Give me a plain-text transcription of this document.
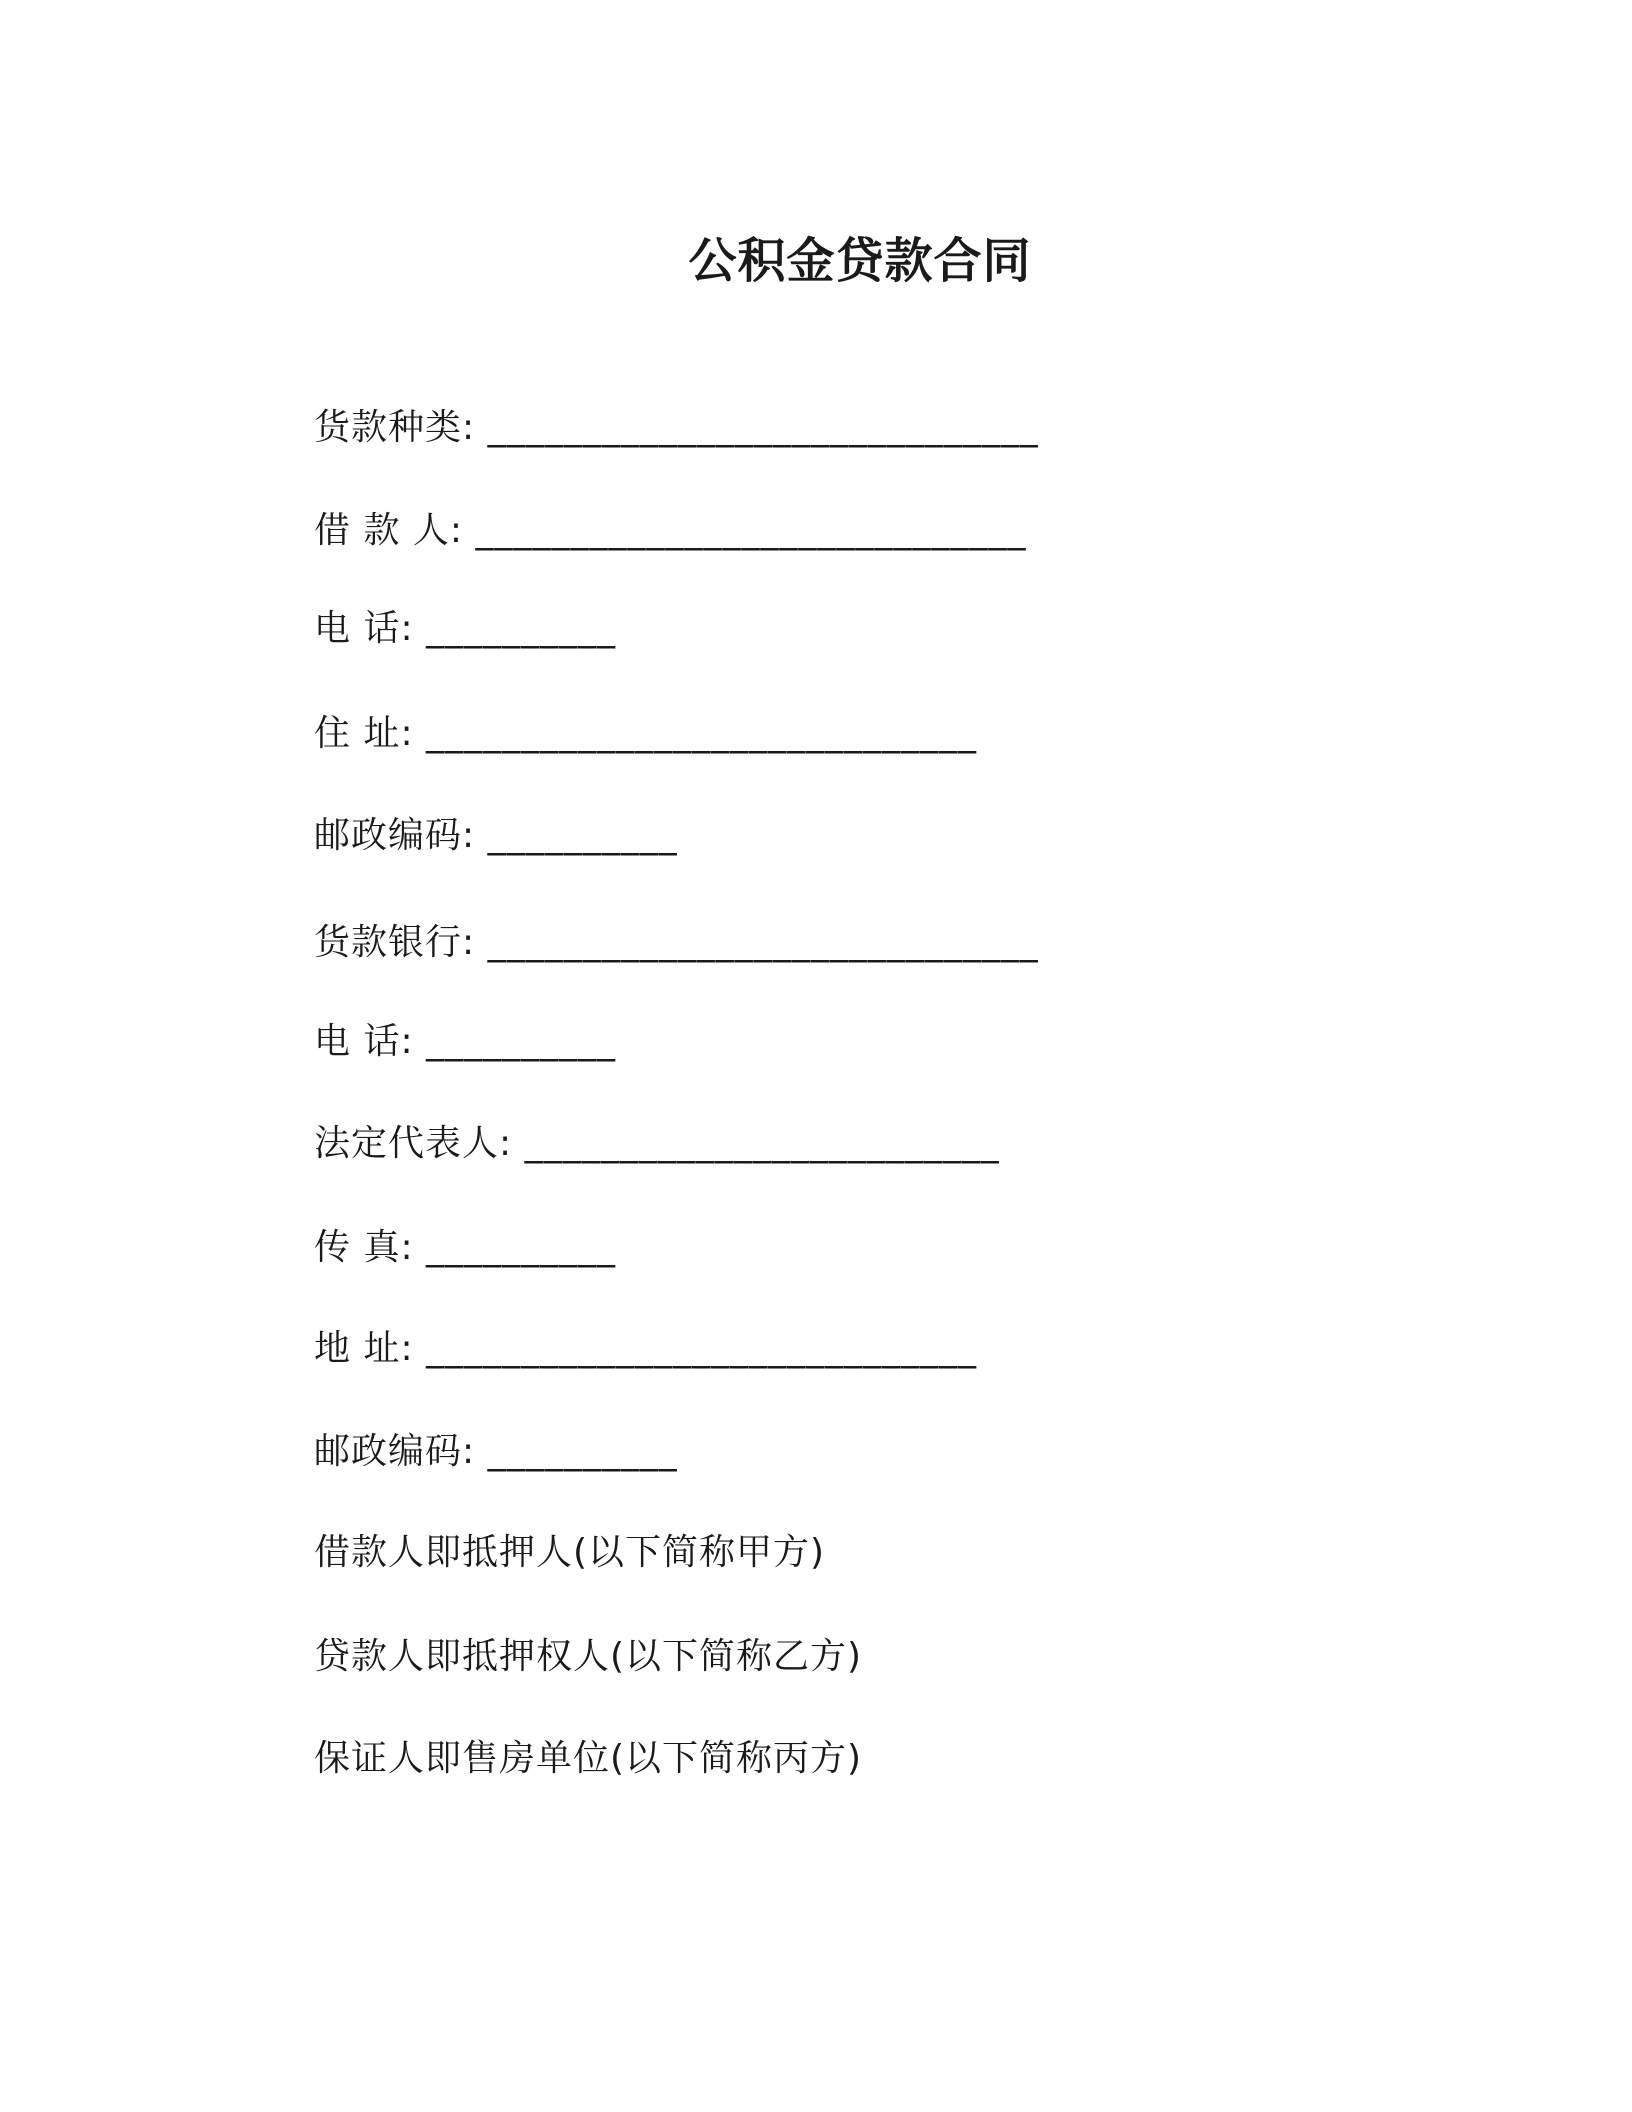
公积金贷款合同
货款种类: _____________________________
借 款 人: _____________________________
电 话: __________
住 址: _____________________________
邮政编码: __________
货款银行: _____________________________
电 话: __________
法定代表人: _________________________
传 真: __________
地 址: _____________________________
邮政编码: __________
借款人即抵押人(以下简称甲方)
贷款人即抵押权人(以下简称乙方)
保证人即售房单位(以下简称丙方)
